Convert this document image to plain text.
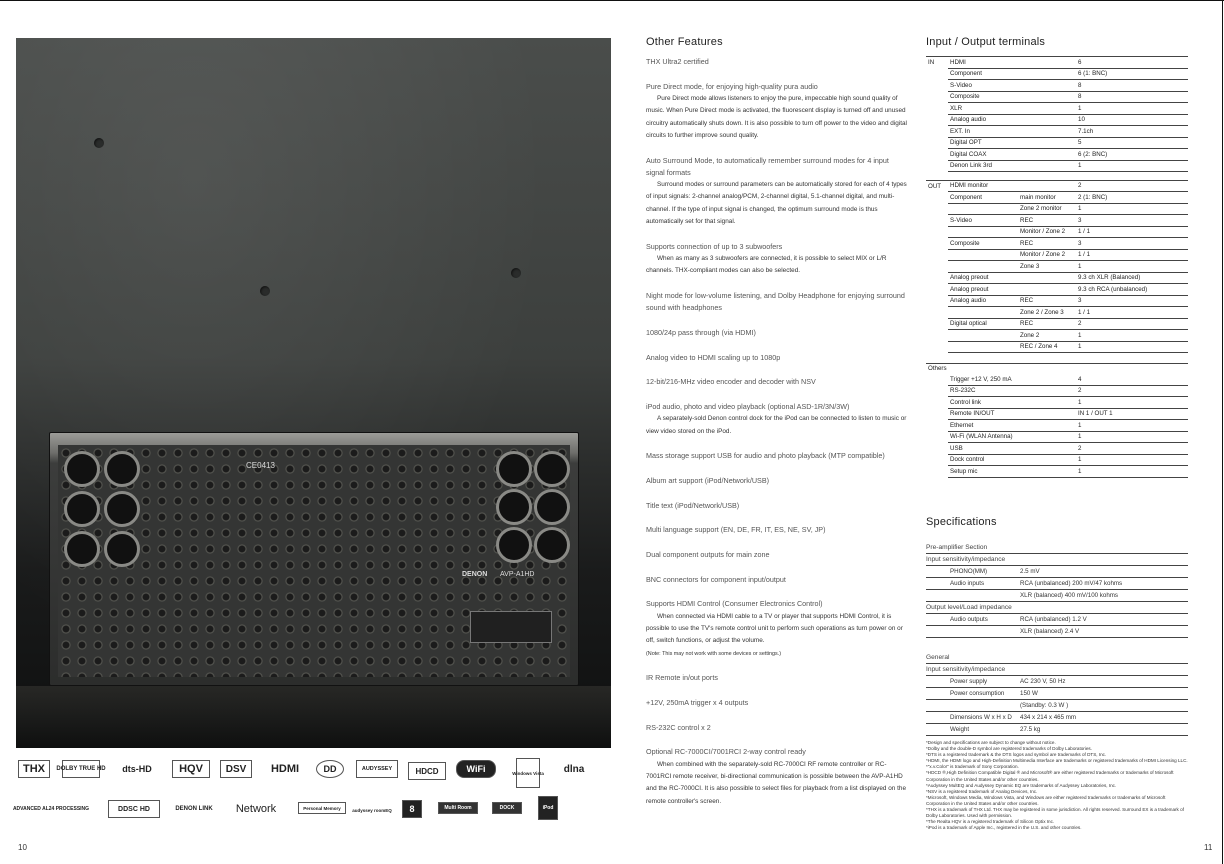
CE0413
DENON AVP-A1HD
THX DOLBY TRUE HD dts-HD HQV DSV HDMI	DD	AUDYSSEY	HDCD	WiFi	Windows Vista dlna
ADVANCED AL24 PROCESSING	DDSC HD	DENON LINK Network	Personal Memory	audyssey roomEQ 8	Multi Room	DOCK	iPod
10	11
Other Features
THX Ultra2 certified
Pure Direct mode, for enjoying high-quality pura audio
Pure Direct mode allows listeners to enjoy the pure, impeccable high sound quality of music. When Pure Direct mode is activated, the fluorescent display is turned off and unused circuitry automatically shuts down. It is also possible to turn off power to the video and digital circuits to further improve sound quality.
Auto Surround Mode, to automatically remember surround modes for 4 input signal formats
Surround modes or surround parameters can be automatically stored for each of 4 types of input signals: 2-channel analog/PCM, 2-channel digital, 5.1-channel digital, and multi-channel. If the type of input signal is changed, the optimum surround mode is thus automatically set for that signal.
Supports connection of up to 3 subwoofers
When as many as 3 subwoofers are connected, it is possible to select MIX or L/R channels. THX-compliant modes can also be selected.
Night mode for low-volume listening, and Dolby Headphone for enjoying surround sound with headphones
1080/24p pass through (via HDMI)
Analog video to HDMI scaling up to 1080p
12-bit/216-MHz video encoder and decoder with NSV
iPod audio, photo and video playback (optional ASD-1R/3N/3W)
A separately-sold Denon control dock for the iPod can be connected to listen to music or view video stored on the iPod.
Mass storage support USB for audio and photo playback (MTP compatible)
Album art support (iPod/Network/USB)
Title text (iPod/Network/USB)
Multi language support (EN, DE, FR, IT, ES, NE, SV, JP)
Dual component outputs for main zone
BNC connectors for component input/output
Supports HDMI Control (Consumer Electronics Control)
When connected via HDMI cable to a TV or player that supports HDMI Control, it is possible to use the TV's remote control unit to perform such operations as turn power on or off, switch functions, or adjust the volume.
(Note: This may not work with some devices or settings.)
IR Remote in/out ports
+12V, 250mA trigger x 4 outputs
RS-232C control x 2
Optional RC-7000CI/7001RCI 2-way control ready
When combined with the separately-sold RC-7000CI RF remote controller or RC-7001RCI remote receiver, bi-directional communication is possible between the AVP-A1HD and the RC-7000CI. It is also possible to select files for playback from a list displayed on the remote controller's screen.
Input / Output terminals
IN	HDMI		6
	Component		6 (1: BNC)
	S-Video		8
	Composite		8
	XLR		1
	Analog audio		10
	EXT. In		7.1ch
	Digital OPT		5
	Digital COAX		6 (2: BNC)
	Denon Link 3rd		1

OUT	HDMI monitor		2
	Component	main monitor	2 (1: BNC)
		Zone 2 monitor	1
	S-Video	REC	3
		Monitor / Zone 2	1 / 1
	Composite	REC	3
		Monitor / Zone 2	1 / 1
		Zone 3	1
	Analog preout		9.3 ch XLR (Balanced)
	Analog preout		9.3 ch RCA (unbalanced)
	Analog audio	REC	3
		Zone 2 / Zone 3	1 / 1
	Digital optical	REC	2
		Zone 2	1
		REC / Zone 4	1

Others			
	Trigger +12 V, 250 mA		4
	RS-232C		2
	Control link		1
	Remote IN/OUT		IN 1 / OUT 1
	Ethernet		1
	Wi-Fi (WLAN Antenna)		1
	USB		2
	Dock control		1
	Setup mic		1
Specifications
Pre-amplifier Section
Input sensitivity/impedance
PHONO(MM)	2.5 mV
Audio inputs	RCA (unbalanced) 200 mV/47 kohms
XLR (balanced) 400 mV/100 kohms
Output level/Load impedance
Audio outputs	RCA (unbalanced) 1.2 V
XLR (balanced) 2.4 V
General
Input sensitivity/impedance
Power supply	AC 230 V, 50 Hz
Power consumption	150 W
(Standby: 0.3 W )
Dimensions W x H x D	434 x 214 x 465 mm
Weight	27.5 kg
*Design and specifications are subject to change without notice.
*Dolby and the double-D symbol are registered trademarks of Dolby Laboratories.
*DTS is a registered trademark & the DTS logos and symbol are trademarks of DTS, Inc.
*HDMI, the HDMI logo and High-Definition Multimedia Interface are trademarks or registered trademarks of HDMI Licensing LLC.
*"x.v.Color" is trademark of Sony Corporation.
*HDCD ®,High Definition Compatible Digital ® and Microsoft® are either registered trademarks or trademarks of Microsoft Corporation in the United States and/or other countries.
*Audyssey MultEQ and Audyssey Dynamic EQ are trademarks of Audyssey Laboratories, Inc.
*NSV is a registered trademark of Analog Devices, Inc.
*Microsoft, Windows Media, Windows Vista, and Windows are either registered trademarks or trademarks of Microsoft Corporation in the United States and/or other countries.
*THX is a trademark of THX Ltd. THX may be registered in some jurisdiction. All rights reserved. Surround EX is a trademark of Dolby Laboratories. Used with permission.
*The Realta HQV is a registered trademark of Silicon Optix Inc.
*iPod is a trademark of Apple Inc., registered in the U.S. and other countries.
